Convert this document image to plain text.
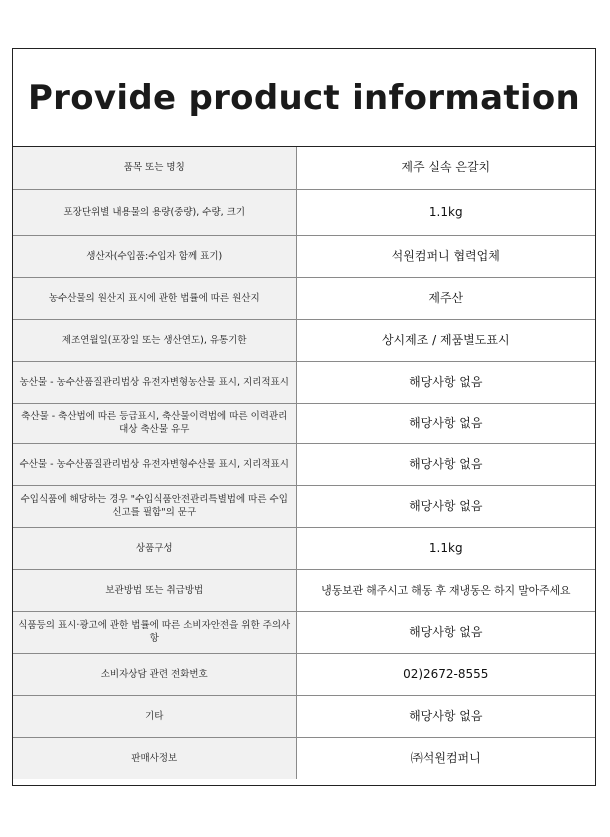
Provide product information
품목 또는 명칭	제주 실속 은갈치
포장단위별 내용물의 용량(중량), 수량, 크기	1.1kg
생산자(수입품:수입자 함께 표기)	석원컴퍼니 협력업체
농수산물의 원산지 표시에 관한 법률에 따른 원산지	제주산
제조연월일(포장일 또는 생산연도), 유통기한	상시제조 / 제품별도표시
농산물 - 농수산품질관리법상 유전자변형농산물 표시, 지리적표시	해당사항 없음
축산물 - 축산법에 따른 등급표시, 축산물이력법에 따른 이력관리대상 축산물 유무	해당사항 없음
수산물 - 농수산품질관리법상 유전자변형수산물 표시, 지리적표시	해당사항 없음
수입식품에 해당하는 경우 "수입식품안전관리특별법에 따른 수입신고를 필함"의 문구	해당사항 없음
상품구성	1.1kg
보관방법 또는 취급방법	냉동보관 해주시고 해동 후 재냉동은 하지 말아주세요
식품등의 표시·광고에 관한 법률에 따른 소비자안전을 위한 주의사항	해당사항 없음
소비자상담 관련 전화번호	02)2672-8555
기타	해당사항 없음
판매사정보	㈜석원컴퍼니
